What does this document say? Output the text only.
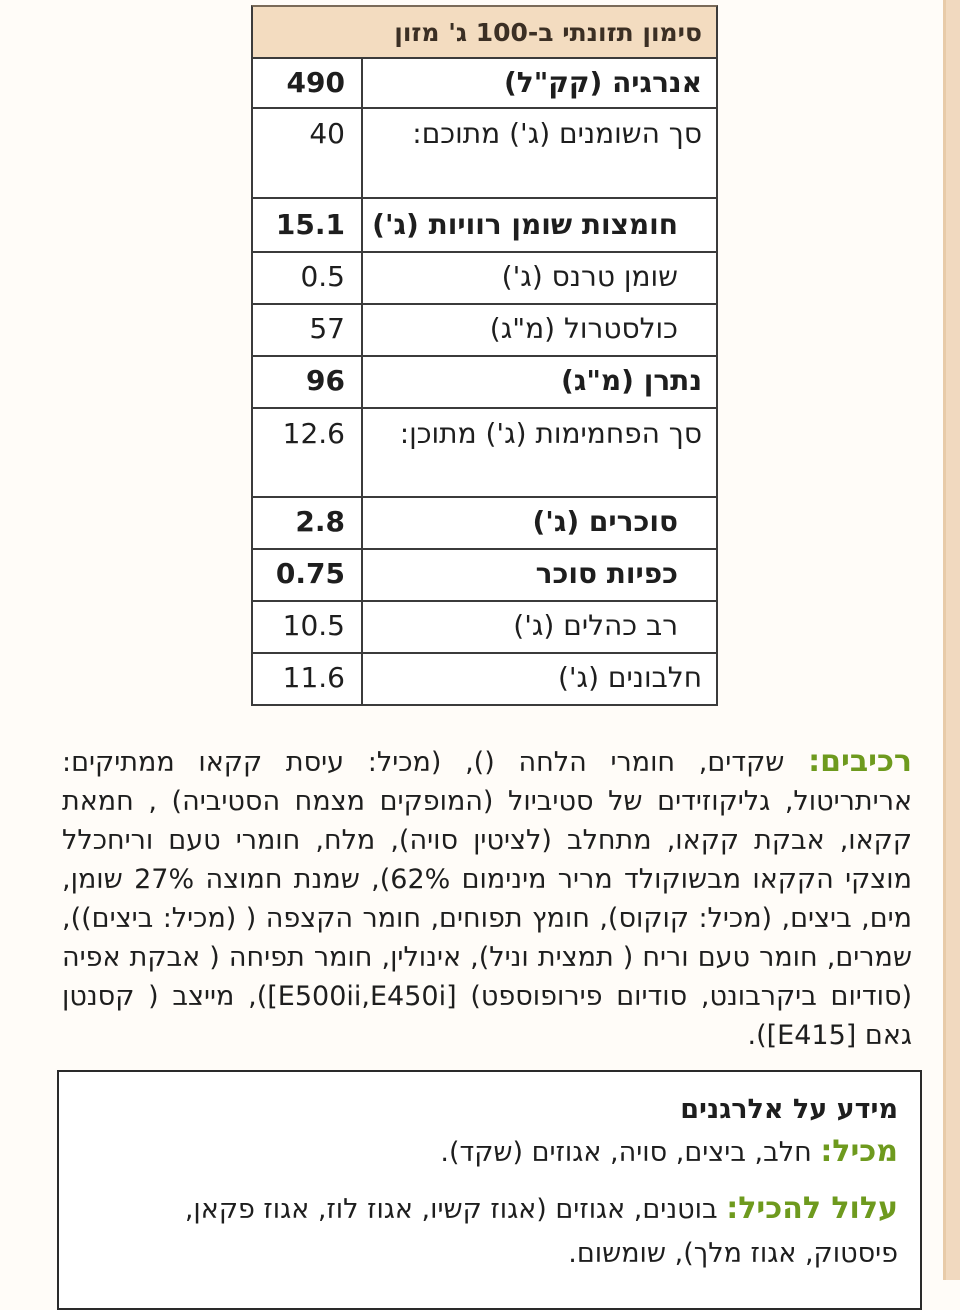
סימון תזונתי ב-100 ג' מזון
אנרגיה (קק"ל)
490
סך השומנים (ג') מתוכם:
40
חומצות שומן רוויות (ג')
15.1
שומן טרנס (ג')
0.5
כולסטרול (מ"ג)
57
נתרן (מ"ג)
96
סך הפחמימות (ג') מתוכן:
12.6
סוכרים (ג')
2.8
כפיות סוכר
0.75
רב כהלים (ג')
10.5
חלבונים (ג')
11.6
רכיבים: שקדים, חומרי הלחה (), (מכיל: עיסת קקאו ממתיקים: אריתריטול, גליקוזידים של סטיביול (המופקים מצמח הסטיביה) , חמאת קקאו, אבקת קקאו, מתחלב (לציטין סויה), מלח, חומרי טעם וריחכלל מוצקי הקקאו מבשוקולד מריר מינימום 62%), שמנת חמוצה 27% שומן, מים, ביצים, (מכיל: קוקוס), חומץ תפוחים, חומר הקצפה ( (מכיל: ביצים)), שמרים, חומר טעם וריח ( תמצית וניל), אינולין, חומר תפיחה ( אבקת אפיה (סודיום ביקרבונט, סודיום פירופוספט) [E500ii,E450i]), מייצב ( קסנטן גאם [E415]).
מידע על אלרגנים
מכיל: חלב, ביצים, סויה, אגוזים (שקד).
עלול להכיל: בוטנים, אגוזים (אגוז קשיו, אגוז לוז, אגוז פקאן, פיסטוק, אגוז מלך), שומשום.
